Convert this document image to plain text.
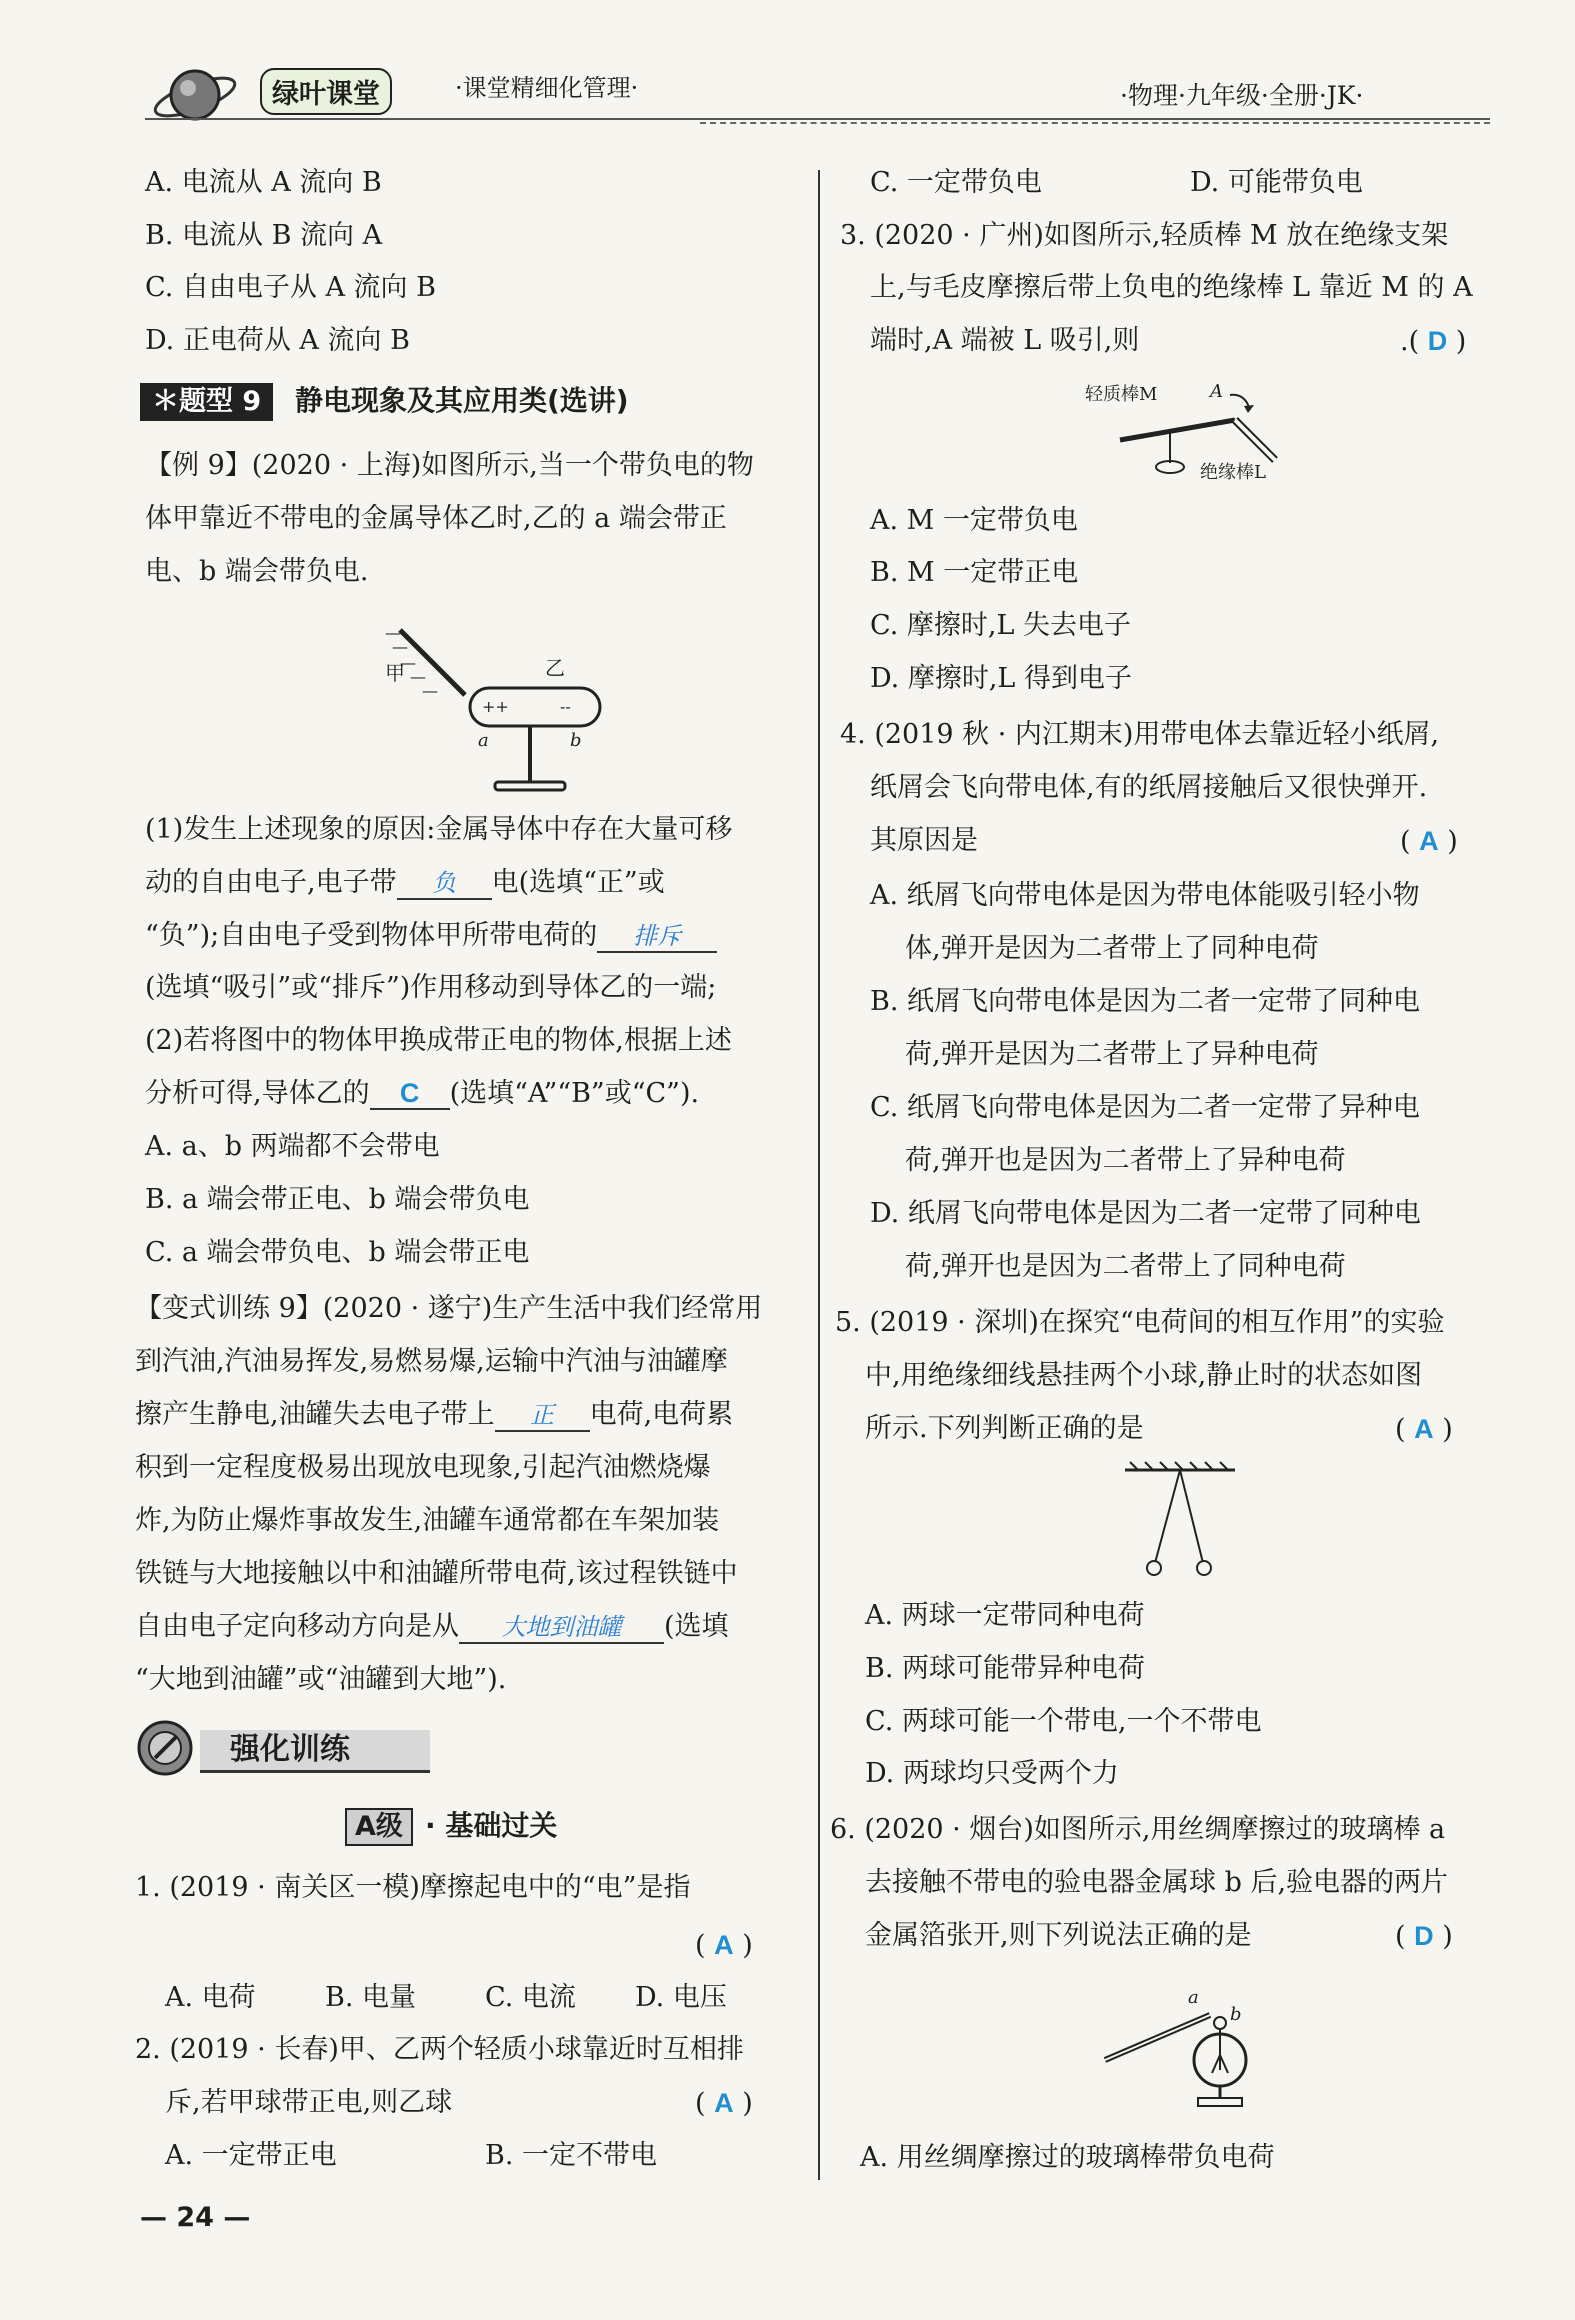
绿叶课堂	·课堂精细化管理·	·物理·九年级·全册·JK·
A. 电流从 A 流向 B
B. 电流从 B 流向 A
C. 自由电子从 A 流向 B
D. 正电荷从 A 流向 B
＊题型 9	静电现象及其应用类(选讲)
【例 9】(2020 · 上海)如图所示,当一个带负电的物
体甲靠近不带电的金属导体乙时,乙的 a 端会带正
电、b 端会带负电.
—
—
—
—
—
甲	乙
++	--
a	b
(1)发生上述现象的原因:金属导体中存在大量可移
动的自由电子,电子带 负 电(选填“正”或
“负”);自由电子受到物体甲所带电荷的 排斥
(选填“吸引”或“排斥”)作用移动到导体乙的一端;
(2)若将图中的物体甲换成带正电的物体,根据上述
分析可得,导体乙的 C (选填“A”“B”或“C”).
A. a、b 两端都不会带电
B. a 端会带正电、b 端会带负电
C. a 端会带负电、b 端会带正电
【变式训练 9】(2020 · 遂宁)生产生活中我们经常用
到汽油,汽油易挥发,易燃易爆,运输中汽油与油罐摩
擦产生静电,油罐失去电子带上 正 电荷,电荷累
积到一定程度极易出现放电现象,引起汽油燃烧爆
炸,为防止爆炸事故发生,油罐车通常都在车架加装
铁链与大地接触以中和油罐所带电荷,该过程铁链中
自由电子定向移动方向是从 大地到油罐 (选填
“大地到油罐”或“油罐到大地”).
强化训练
A级 · 基础过关
1. (2019 · 南关区一模)摩擦起电中的“电”是指
( A )
A. 电荷	B. 电量	C. 电流 D. 电压
2. (2019 · 长春)甲、乙两个轻质小球靠近时互相排
斥,若甲球带正电,则乙球	( A )
A. 一定带正电	B. 一定不带电
— 24 —
C. 一定带负电	D. 可能带负电
3. (2020 · 广州)如图所示,轻质棒 M 放在绝缘支架
上,与毛皮摩擦后带上负电的绝缘棒 L 靠近 M 的 A
端时,A 端被 L 吸引,则	.( D )
轻质棒M	A
绝缘棒L
A. M 一定带负电
B. M 一定带正电
C. 摩擦时,L 失去电子
D. 摩擦时,L 得到电子
4. (2019 秋 · 内江期末)用带电体去靠近轻小纸屑,
纸屑会飞向带电体,有的纸屑接触后又很快弹开.
其原因是	( A )
A. 纸屑飞向带电体是因为带电体能吸引轻小物
体,弹开是因为二者带上了同种电荷
B. 纸屑飞向带电体是因为二者一定带了同种电
荷,弹开是因为二者带上了异种电荷
C. 纸屑飞向带电体是因为二者一定带了异种电
荷,弹开也是因为二者带上了异种电荷
D. 纸屑飞向带电体是因为二者一定带了同种电
荷,弹开也是因为二者带上了同种电荷
5. (2019 · 深圳)在探究“电荷间的相互作用”的实验
中,用绝缘细线悬挂两个小球,静止时的状态如图
所示.下列判断正确的是	( A )
A. 两球一定带同种电荷
B. 两球可能带异种电荷
C. 两球可能一个带电,一个不带电
D. 两球均只受两个力
6. (2020 · 烟台)如图所示,用丝绸摩擦过的玻璃棒 a
去接触不带电的验电器金属球 b 后,验电器的两片
金属箔张开,则下列说法正确的是	( D )
a
b
A. 用丝绸摩擦过的玻璃棒带负电荷
